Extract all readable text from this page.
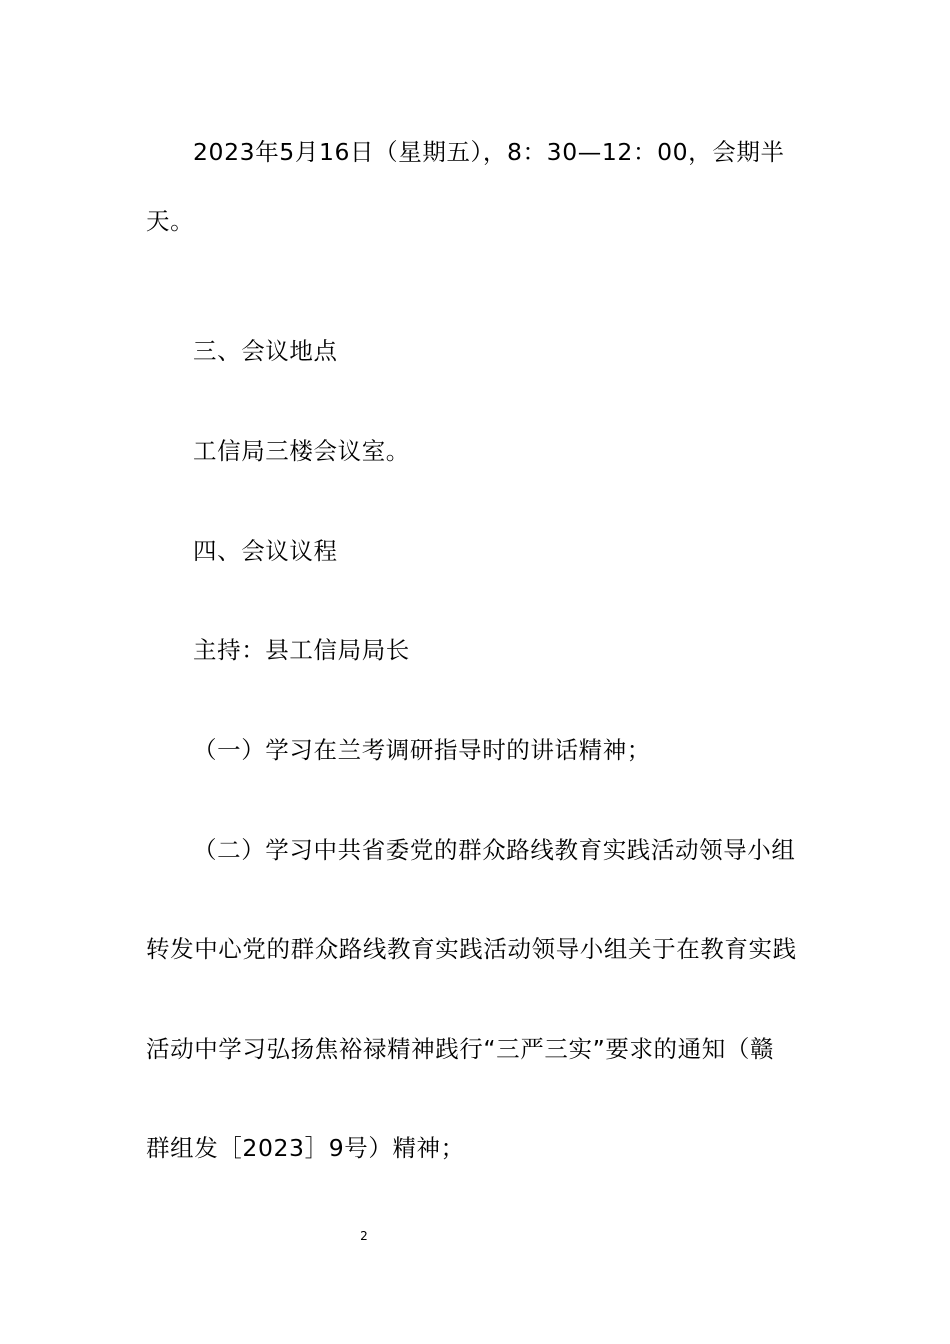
2023年5月16日（星期五），8：30—12：00，会期半
天。
三、会议地点
工信局三楼会议室。
四、会议议程
主持：县工信局局长
（一）学习在兰考调研指导时的讲话精神；
（二）学习中共省委党的群众路线教育实践活动领导小组
转发中心党的群众路线教育实践活动领导小组关于在教育实践
活动中学习弘扬焦裕禄精神践行“三严三实”要求的通知（赣
群组发［2023］9号）精神；
2
